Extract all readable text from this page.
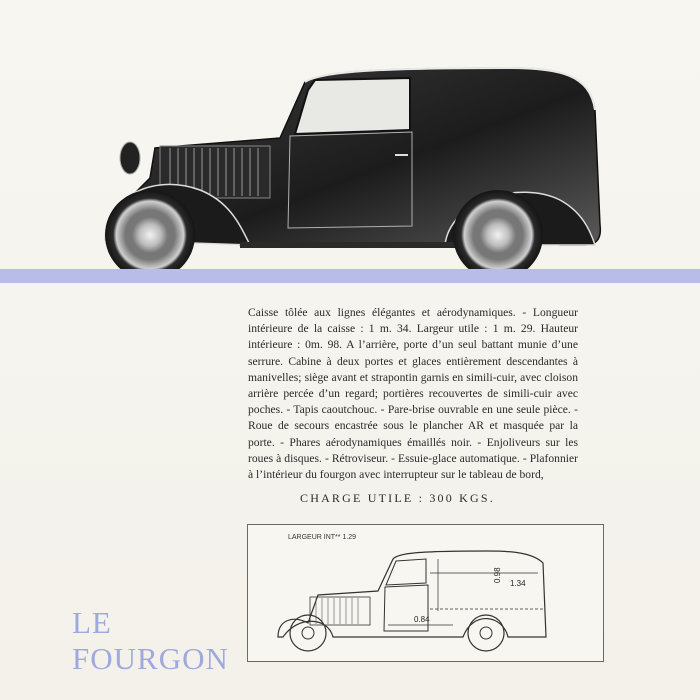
Caisse tôlée aux lignes élégantes et aérodynamiques. - Longueur intérieure de la caisse : 1 m. 34. Largeur utile : 1 m. 29. Hauteur intérieure : 0m. 98. A l’arrière, porte d’un seul battant munie d’une serrure. Cabine à deux portes et glaces entièrement descendantes à manivelles; siège avant et strapontin garnis en simili-cuir, avec cloison arrière percée d’un regard; portières recouvertes de simili-cuir avec poches. - Tapis caoutchouc. - Pare-brise ouvrable en une seule pièce. - Roue de secours encastrée sous le plancher AR et masquée par la porte. - Phares aérodynamiques émaillés noir. - Enjoliveurs sur les roues à disques. - Rétroviseur. - Essuie-glace automatique. - Plafonnier à l’intérieur du fourgon avec interrupteur sur le tableau de bord,
CHARGE UTILE : 300 KGS.
LARGEUR INT** 1.29
0.98
1.34
0.84
LE
FOURGON
